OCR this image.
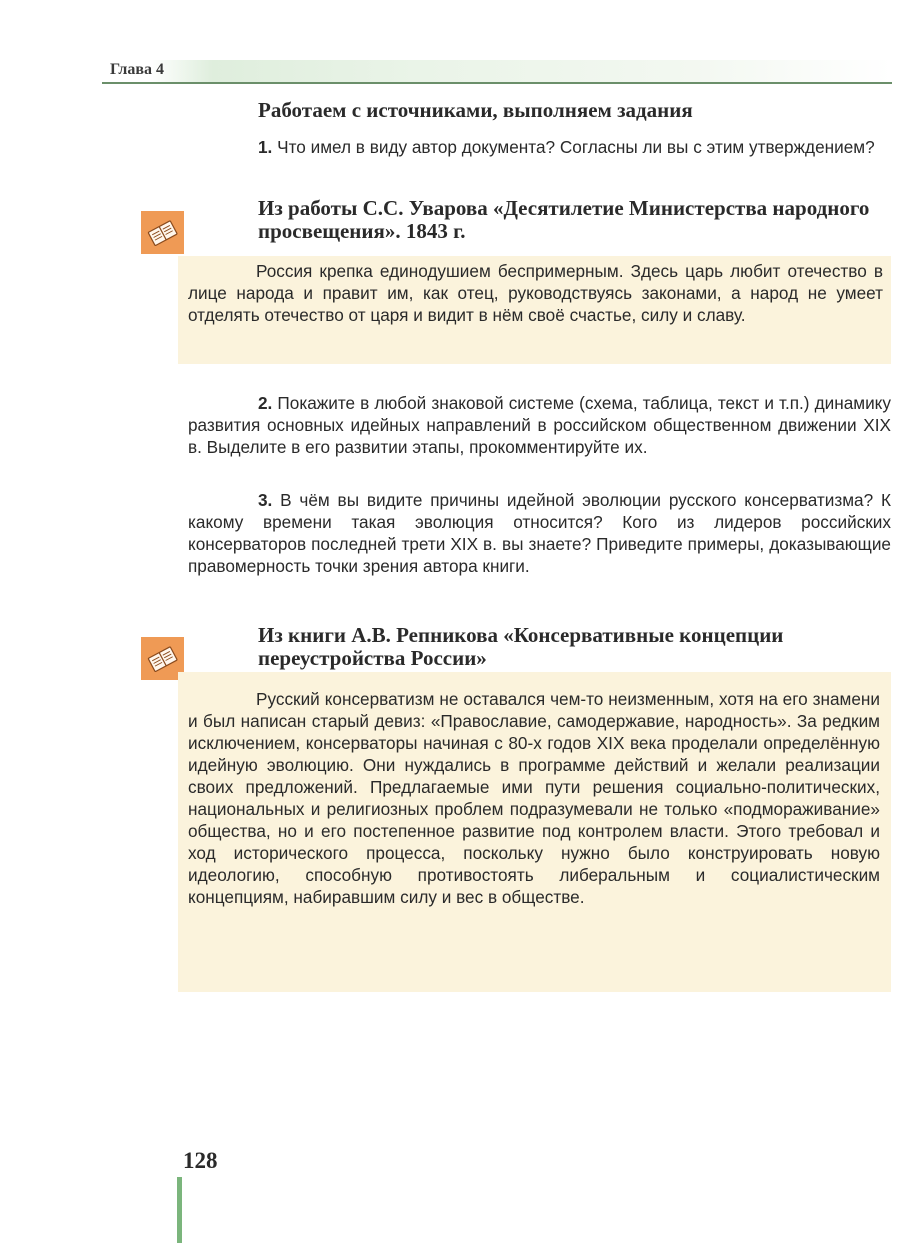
Глава 4
Работаем с источниками, выполняем задания

1. Что имел в виду автор документа? Согласны ли вы с этим утверждением?

Из работы С.С. Уварова «Десятилетие Министерства народного просвещения». 1843 г.

Россия крепка единодушием беспримерным. Здесь царь любит отечество в лице народа и правит им, как отец, руководствуясь законами, а народ не умеет отделять отечество от царя и видит в нём своё счастье, силу и славу.

2. Покажите в любой знаковой системе (схема, таблица, текст и т.п.) динамику развития основных идейных направлений в российском общественном движении XIX в. Выделите в его развитии этапы, прокомментируйте их.

3. В чём вы видите причины идейной эволюции русского консерватизма? К какому времени такая эволюция относится? Кого из лидеров российских консерваторов последней трети XIX в. вы знаете? Приведите примеры, доказывающие правомерность точки зрения автора книги.

Из книги А.В. Репникова «Консервативные концепции переустройства России»

Русский консерватизм не оставался чем-то неизменным, хотя на его знамени и был написан старый девиз: «Православие, самодержавие, народность». За редким исключением, консерваторы начиная с 80-х годов XIX века проделали определённую идейную эволюцию. Они нуждались в программе действий и желали реализации своих предложений. Предлагаемые ими пути решения социально-политических, национальных и религиозных проблем подразумевали не только «подмораживание» общества, но и его постепенное развитие под контролем власти. Этого требовал и ход исторического процесса, поскольку нужно было конструировать новую идеологию, способную противостоять либеральным и социалистическим концепциям, набиравшим силу и вес в обществе.

128
